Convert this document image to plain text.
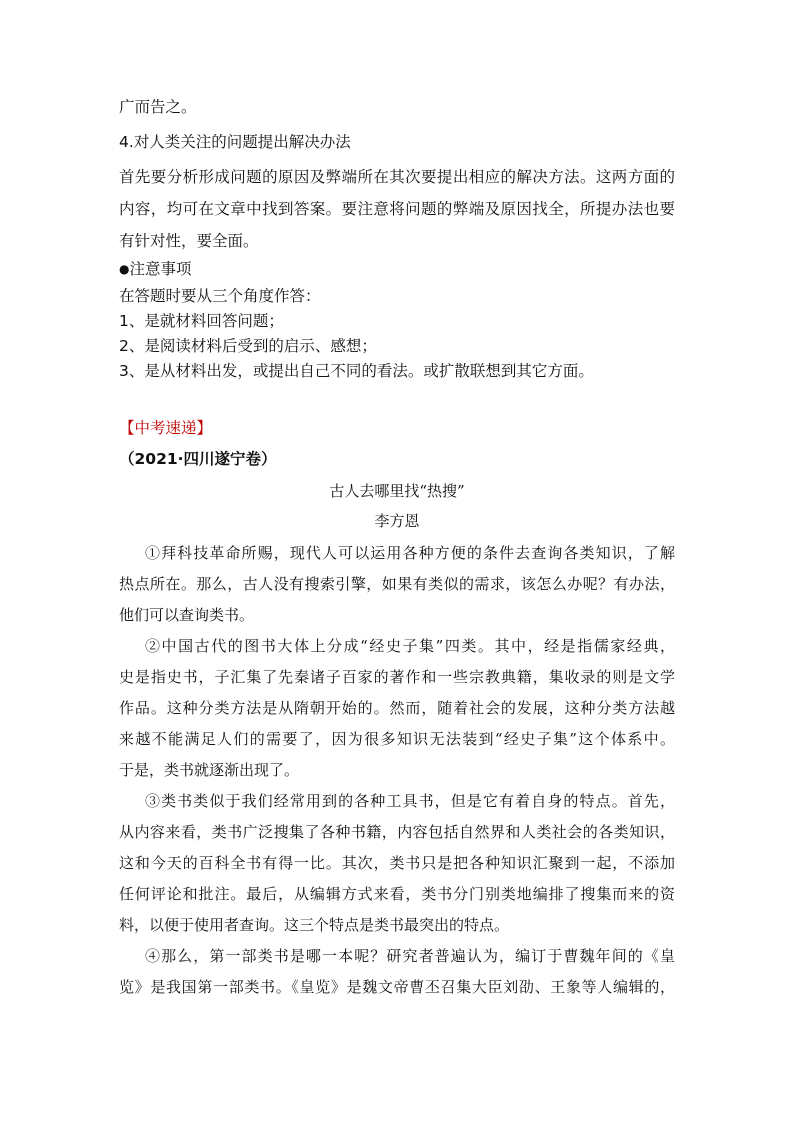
广而告之。
4.对人类关注的问题提出解决办法
首先要分析形成问题的原因及弊端所在其次要提出相应的解决方法。这两方面的
内容，均可在文章中找到答案。要注意将问题的弊端及原因找全，所提办法也要
有针对性，要全面。
●注意事项
在答题时要从三个角度作答：
1、是就材料回答问题；
2、是阅读材料后受到的启示、感想；
3、是从材料出发，或提出自己不同的看法。或扩散联想到其它方面。
【中考速递】
（2021·四川遂宁卷）
古人去哪里找“热搜”
李方恩
①拜科技革命所赐，现代人可以运用各种方便的条件去查询各类知识，了解
热点所在。那么，古人没有搜索引擎，如果有类似的需求，该怎么办呢？有办法，
他们可以查询类书。
②中国古代的图书大体上分成“经史子集”四类。其中，经是指儒家经典，
史是指史书，子汇集了先秦诸子百家的著作和一些宗教典籍，集收录的则是文学
作品。这种分类方法是从隋朝开始的。然而，随着社会的发展，这种分类方法越
来越不能满足人们的需要了，因为很多知识无法装到“经史子集”这个体系中。
于是，类书就逐渐出现了。
③类书类似于我们经常用到的各种工具书，但是它有着自身的特点。首先，
从内容来看，类书广泛搜集了各种书籍，内容包括自然界和人类社会的各类知识，
这和今天的百科全书有得一比。其次，类书只是把各种知识汇聚到一起，不添加
任何评论和批注。最后，从编辑方式来看，类书分门别类地编排了搜集而来的资
料，以便于使用者查询。这三个特点是类书最突出的特点。
④那么，第一部类书是哪一本呢？研究者普遍认为，编订于曹魏年间的《皇
览》是我国第一部类书。《皇览》是魏文帝曹丕召集大臣刘劭、王象等人编辑的，
